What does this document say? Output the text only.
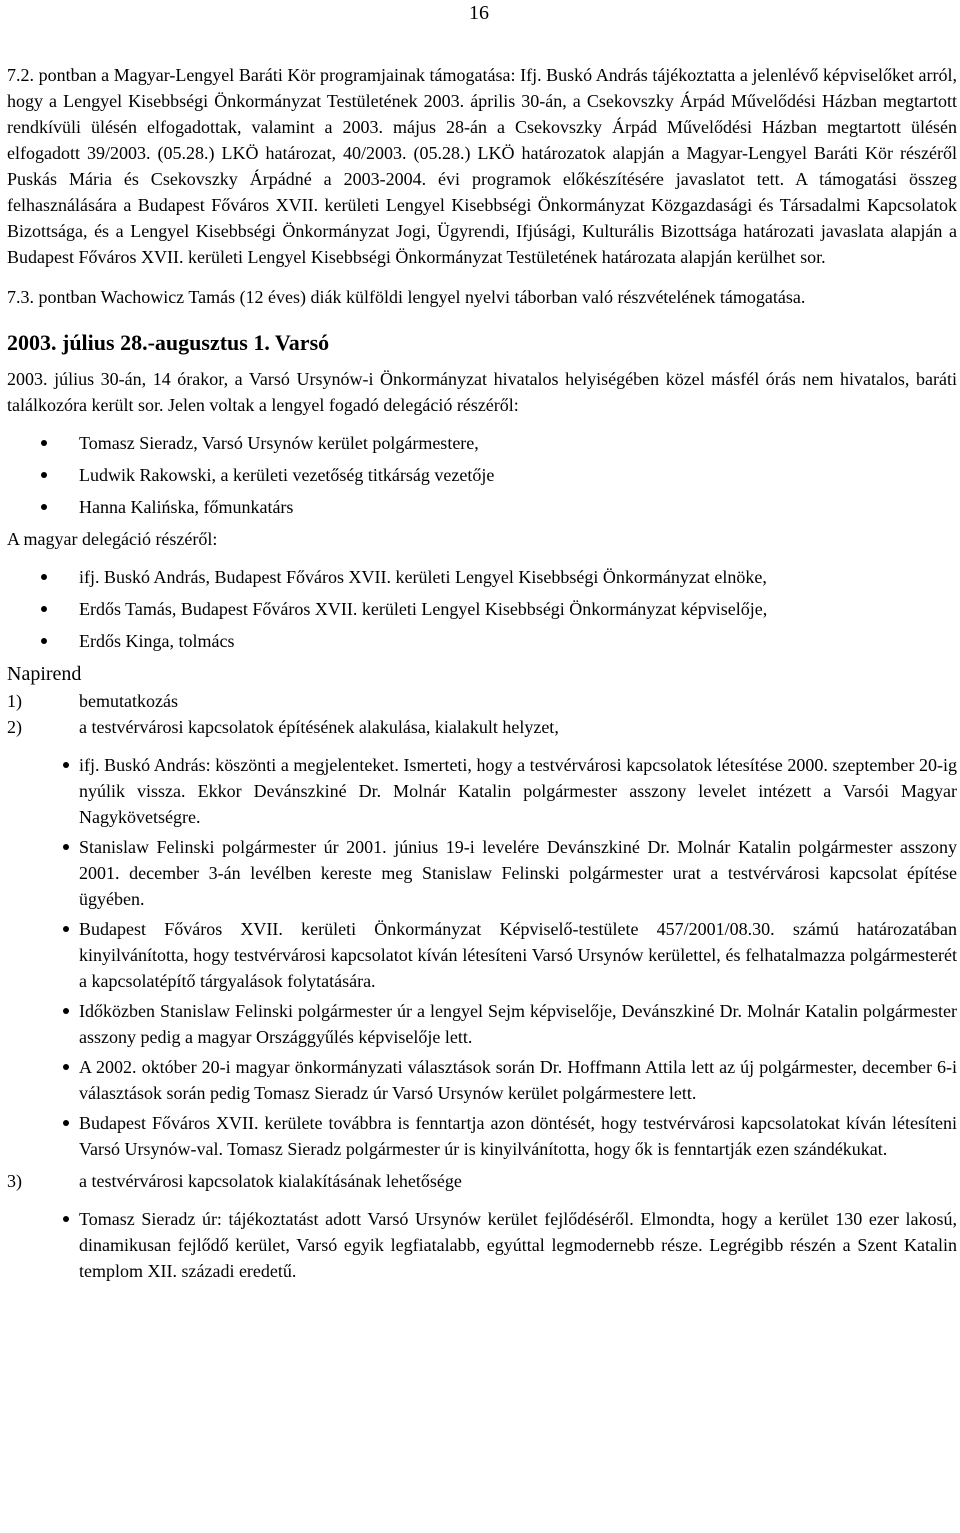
16

7.2. pontban a Magyar-Lengyel Baráti Kör programjainak támogatása: Ifj. Buskó András tájékoztatta a jelenlévő képviselőket arról, hogy a Lengyel Kisebbségi Önkormányzat Testületének 2003. április 30-án, a Csekovszky Árpád Művelődési Házban megtartott rendkívüli ülésén elfogadottak, valamint a 2003. május 28-án a Csekovszky Árpád Művelődési Házban megtartott ülésén elfogadott 39/2003. (05.28.) LKÖ határozat, 40/2003. (05.28.) LKÖ határozatok alapján a Magyar-Lengyel Baráti Kör részéről Puskás Mária és Csekovszky Árpádné a 2003-2004. évi programok előkészítésére javaslatot tett. A támogatási összeg felhasználására a Budapest Főváros XVII. kerületi Lengyel Kisebbségi Önkormányzat Közgazdasági és Társadalmi Kapcsolatok Bizottsága, és a Lengyel Kisebbségi Önkormányzat Jogi, Ügyrendi, Ifjúsági, Kulturális Bizottsága határozati javaslata alapján a Budapest Főváros XVII. kerületi Lengyel Kisebbségi Önkormányzat Testületének határozata alapján kerülhet sor.

7.3. pontban Wachowicz Tamás (12 éves) diák külföldi lengyel nyelvi táborban való részvételének támogatása.

2003. július 28.-augusztus 1. Varsó

2003. július 30-án, 14 órakor, a Varsó Ursynów-i Önkormányzat hivatalos helyiségében közel másfél órás nem hivatalos, baráti találkozóra került sor. Jelen voltak a lengyel fogadó delegáció részéről:

Tomasz Sieradz, Varsó Ursynów kerület polgármestere,
Ludwik Rakowski, a kerületi vezetőség titkárság vezetője
Hanna Kalińska, főmunkatárs

A magyar delegáció részéről:

ifj. Buskó András, Budapest Főváros XVII. kerületi Lengyel Kisebbségi Önkormányzat elnöke,
Erdős Tamás, Budapest Főváros XVII. kerületi Lengyel Kisebbségi Önkormányzat képviselője,
Erdős Kinga, tolmács
Napirend
1)	bemutatkozás
2)	a testvérvárosi kapcsolatok építésének alakulása, kialakult helyzet,
ifj. Buskó András: köszönti a megjelenteket. Ismerteti, hogy a testvérvárosi kapcsolatok létesítése 2000. szeptember 20-ig nyúlik vissza. Ekkor Devánszkiné Dr. Molnár Katalin polgármester asszony levelet intézett a Varsói Magyar Nagykövetségre.
Stanislaw Felinski polgármester úr 2001. június 19-i levelére Devánszkiné Dr. Molnár Katalin polgármester asszony 2001. december 3-án levélben kereste meg Stanislaw Felinski polgármester urat a testvérvárosi kapcsolat építése ügyében.
Budapest Főváros XVII. kerületi Önkormányzat Képviselő-testülete 457/2001/08.30. számú határozatában kinyilvánította, hogy testvérvárosi kapcsolatot kíván létesíteni Varsó Ursynów kerülettel, és felhatalmazza polgármesterét a kapcsolatépítő tárgyalások folytatására.
Időközben Stanislaw Felinski polgármester úr a lengyel Sejm képviselője, Devánszkiné Dr. Molnár Katalin polgármester asszony pedig a magyar Országgyűlés képviselője lett.
A 2002. október 20-i magyar önkormányzati választások során Dr. Hoffmann Attila lett az új polgármester, december 6-i választások során pedig Tomasz Sieradz úr Varsó Ursynów kerület polgármestere lett.
Budapest Főváros XVII. kerülete továbbra is fenntartja azon döntését, hogy testvérvárosi kapcsolatokat kíván létesíteni Varsó Ursynów-val. Tomasz Sieradz polgármester úr is kinyilvánította, hogy ők is fenntartják ezen szándékukat.
3)	a testvérvárosi kapcsolatok kialakításának lehetősége
Tomasz Sieradz úr: tájékoztatást adott Varsó Ursynów kerület fejlődéséről. Elmondta, hogy a kerület 130 ezer lakosú, dinamikusan fejlődő kerület, Varsó egyik legfiatalabb, egyúttal legmodernebb része. Legrégibb részén a Szent Katalin templom XII. századi eredetű.
